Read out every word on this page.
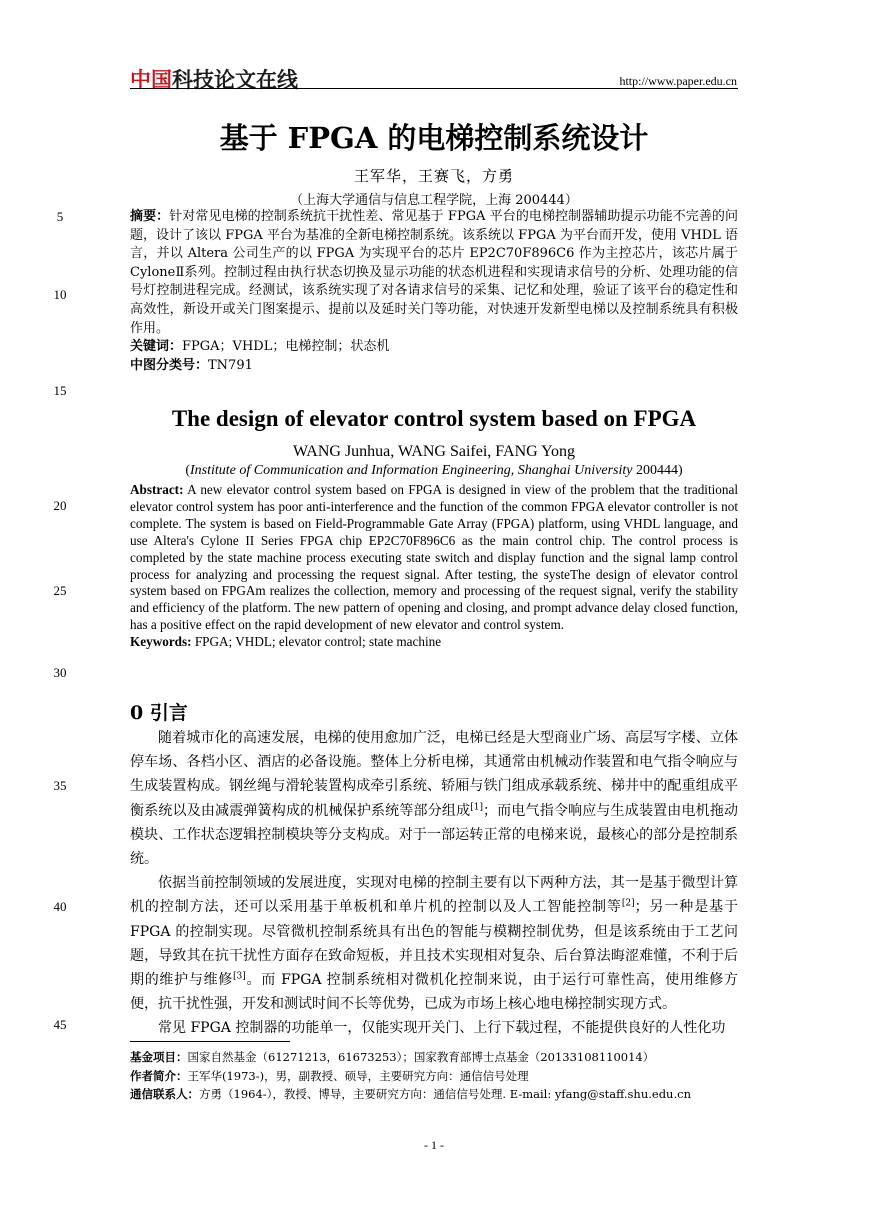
中国科技论文在线	http://www.paper.edu.cn
基于 FPGA 的电梯控制系统设计
王军华，王赛飞，方勇
（上海大学通信与信息工程学院，上海 200444）

摘要：针对常见电梯的控制系统抗干扰性差、常见基于 FPGA 平台的电梯控制器辅助提示功能不完善的问题，设计了该以 FPGA 平台为基准的全新电梯控制系统。该系统以 FPGA 为平台而开发，使用 VHDL 语言，并以 Altera 公司生产的以 FPGA 为实现平台的芯片 EP2C70F896C6 作为主控芯片，该芯片属于 CyloneⅡ系列。控制过程由执行状态切换及显示功能的状态机进程和实现请求信号的分析、处理功能的信号灯控制进程完成。经测试，该系统实现了对各请求信号的采集、记忆和处理，验证了该平台的稳定性和高效性，新设开或关门图案提示、提前以及延时关门等功能，对快速开发新型电梯以及控制系统具有积极作用。

关键词：FPGA；VHDL；电梯控制；状态机

中图分类号：TN791

The design of elevator control system based on FPGA
WANG Junhua, WANG Saifei, FANG Yong
(Institute of Communication and Information Engineering, Shanghai University 200444)

Abstract: A new elevator control system based on FPGA is designed in view of the problem that the traditional elevator control system has poor anti-interference and the function of the common FPGA elevator controller is not complete. The system is based on Field-Programmable Gate Array (FPGA) platform, using VHDL language, and use Altera's Cylone II Series FPGA chip EP2C70F896C6 as the main control chip. The control process is completed by the state machine process executing state switch and display function and the signal lamp control process for analyzing and processing the request signal. After testing, the systeThe design of elevator control system based on FPGAm realizes the collection, memory and processing of the request signal, verify the stability and efficiency of the platform. The new pattern of opening and closing, and prompt advance delay closed function, has a positive effect on the rapid development of new elevator and control system.

Keywords: FPGA; VHDL; elevator control; state machine

0 引言

随着城市化的高速发展，电梯的使用愈加广泛，电梯已经是大型商业广场、高层写字楼、立体停车场、各档小区、酒店的必备设施。整体上分析电梯，其通常由机械动作装置和电气指令响应与生成装置构成。钢丝绳与滑轮装置构成牵引系统、轿厢与铁门组成承载系统、梯井中的配重组成平衡系统以及由减震弹簧构成的机械保护系统等部分组成[1]；而电气指令响应与生成装置由电机拖动模块、工作状态逻辑控制模块等分支构成。对于一部运转正常的电梯来说，最核心的部分是控制系统。

依据当前控制领域的发展进度，实现对电梯的控制主要有以下两种方法，其一是基于微型计算机的控制方法，还可以采用基于单板机和单片机的控制以及人工智能控制等[2]；另一种是基于 FPGA 的控制实现。尽管微机控制系统具有出色的智能与模糊控制优势，但是该系统由于工艺问题，导致其在抗干扰性方面存在致命短板，并且技术实现相对复杂、后台算法晦涩难懂，不利于后期的维护与维修[3]。而 FPGA 控制系统相对微机化控制来说，由于运行可靠性高，使用维修方便，抗干扰性强，开发和测试时间不长等优势，已成为市场上核心地电梯控制实现方式。

常见 FPGA 控制器的功能单一，仅能实现开关门、上行下载过程，不能提供良好的人性化功

基金项目：国家自然基金（61271213，61673253）；国家教育部博士点基金（20133108110014）

作者简介：王军华(1973-)，男，副教授、硕导，主要研究方向：通信信号处理

通信联系人：方勇（1964-），教授、博导，主要研究方向：通信信号处理. E-mail: yfang@staff.shu.edu.cn

5
10
15
20
25
30
35
40
45
- 1 -
